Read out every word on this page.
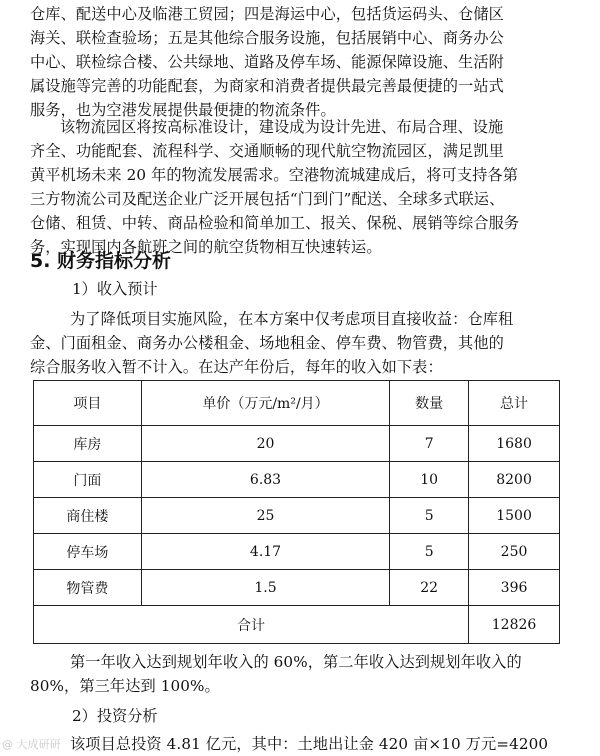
仓库、配送中心及临港工贸园；四是海运中心，包括货运码头、仓储区
海关、联检查验场；五是其他综合服务设施，包括展销中心、商务办公
中心、联检综合楼、公共绿地、道路及停车场、能源保障设施、生活附
属设施等完善的功能配套，为商家和消费者提供最完善最便捷的一站式
服务，也为空港发展提供最便捷的物流条件。
该物流园区将按高标准设计，建设成为设计先进、布局合理、设施
齐全、功能配套、流程科学、交通顺畅的现代航空物流园区，满足凯里
黄平机场未来 20 年的物流发展需求。空港物流城建成后，将可支持各第
三方物流公司及配送企业广泛开展包括“门到门”配送、全球多式联运、
仓储、租赁、中转、商品检验和简单加工、报关、保税、展销等综合服务
务，实现国内各航班之间的航空货物相互快速转运。
5. 财务指标分析
1）收入预计
为了降低项目实施风险，在本方案中仅考虑项目直接收益：仓库租
金、门面租金、商务办公楼租金、场地租金、停车费、物管费，其他的
综合服务收入暂不计入。在达产年份后，每年的收入如下表：
项目	单价（万元/m²/月）	数量	总计
库房	20	7	1680
门面	6.83	10	8200
商住楼	25	5	1500
停车场	4.17	5	250
物管费	1.5	22	396
合计			12826
第一年收入达到规划年收入的 60%，第二年收入达到规划年收入的
80%，第三年达到 100%。
2）投资分析
该项目总投资 4.81 亿元，其中：土地出让金 420 亩×10 万元=4200
@ 大成研研
